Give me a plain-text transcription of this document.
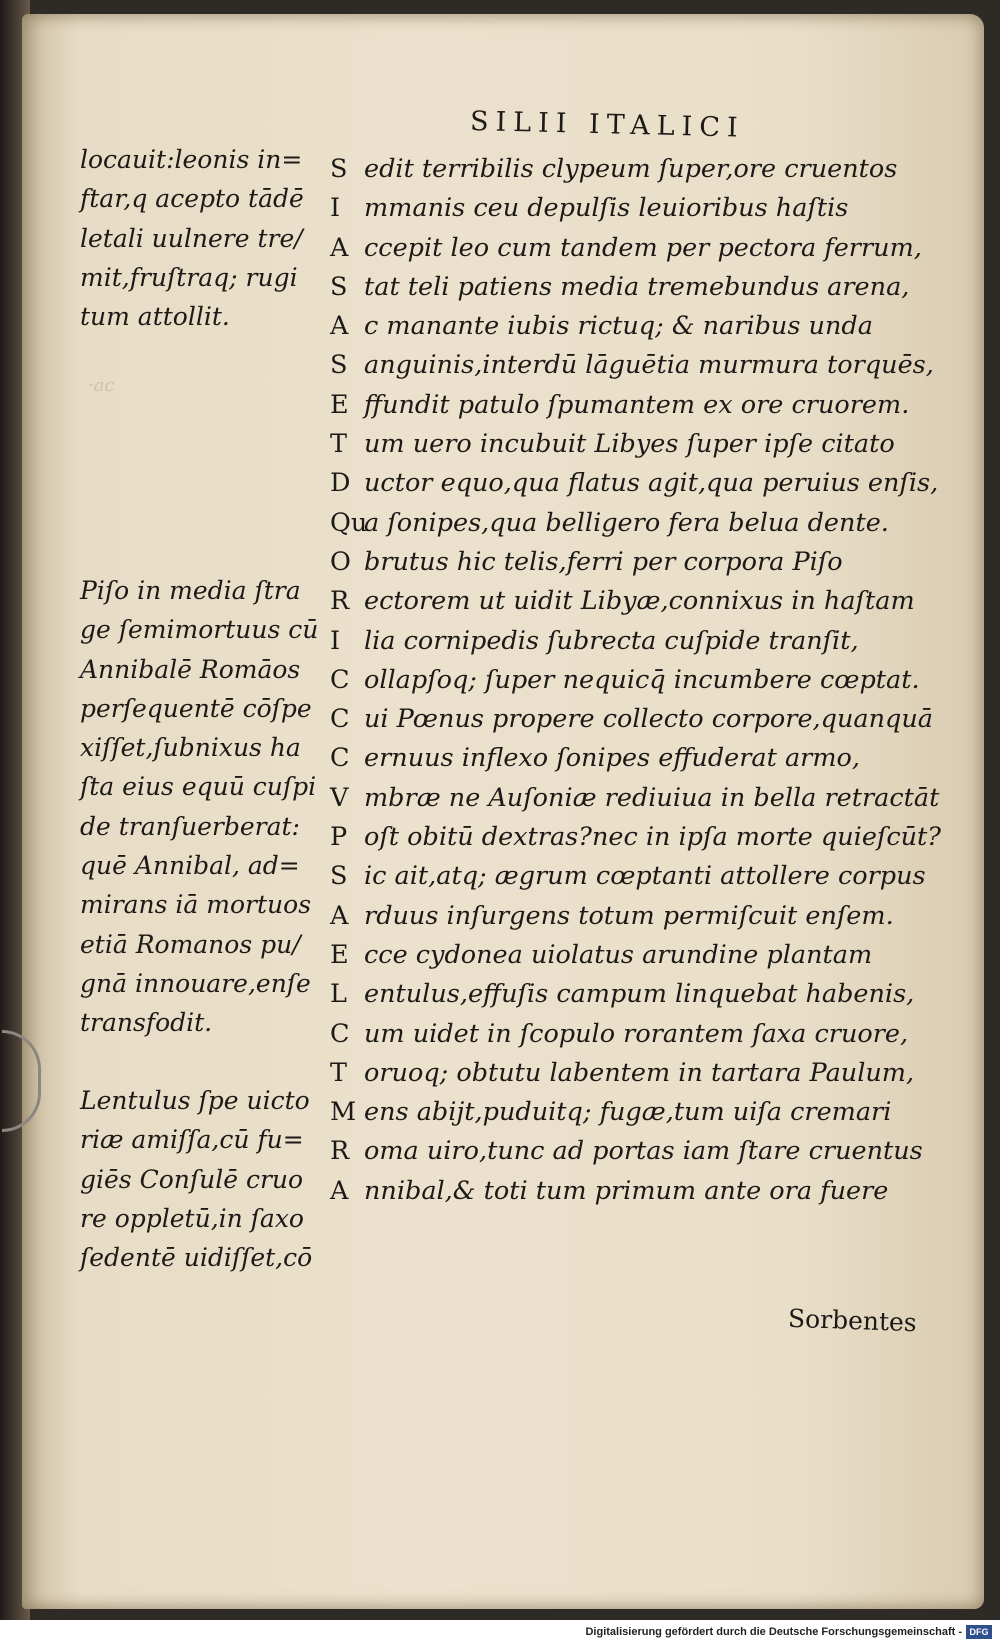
·ac

SILII ITALICI
locauit:leonis in=
ftar,q acepto tādē
letali uulnere tre/
mit,fruſtraq; rugi
tum attollit.
Piſo in media ſtra
ge ſemimortuus cū
Annibalē Romāos
perſequentē cōſpe
xiſſet,ſubnixus ha
ſta eius equū cuſpi
de tranſuerberat:
quē Annibal, ad=
mirans iā mortuos
etiā Romanos pu/
gnā innouare,enſe
transfodit.
Lentulus ſpe uicto
riæ amiſſa,cū fu=
giēs Conſulē cruo
re oppletū,in ſaxo
ſedentē uidiſſet,cō
S edit terribilis clypeum ſuper,ore cruentos
I mmanis ceu depulſis leuioribus haſtis
A ccepit leo cum tandem per pectora ferrum,
S tat teli patiens media tremebundus arena,
A c manante iubis rictuq; & naribus unda
S anguinis,interdū lāguētia murmura torquēs,
E ffundit patulo ſpumantem ex ore cruorem.
T um uero incubuit Libyes ſuper ipſe citato
D uctor equo,qua flatus agit,qua peruius enſis,
Qua ſonipes,qua belligero fera belua dente.
O brutus hic telis,ferri per corpora Piſo
R ectorem ut uidit Libyæ,connixus in haſtam
I lia cornipedis ſubrecta cuſpide tranſit,
C ollapſoq; ſuper nequicq̄ incumbere cœptat.
C ui Pœnus propere collecto corpore,quanquā
C ernuus inflexo ſonipes effuderat armo,
V mbræ ne Auſoniæ rediuiua in bella retractāt
P oſt obitū dextras?nec in ipſa morte quieſcūt?
S ic ait,atq; ægrum cœptanti attollere corpus
A rduus inſurgens totum permiſcuit enſem.
E cce cydonea uiolatus arundine plantam
L entulus,effuſis campum linquebat habenis,
C um uidet in ſcopulo rorantem ſaxa cruore,
T oruoq; obtutu labentem in tartara Paulum,
M ens abijt,puduitq; fugæ,tum uiſa cremari
R oma uiro,tunc ad portas iam ſtare cruentus
A nnibal,& toti tum primum ante ora fuere
Sorbentes
Digitalisierung gefördert durch die Deutsche Forschungsgemeinschaft - DFG
